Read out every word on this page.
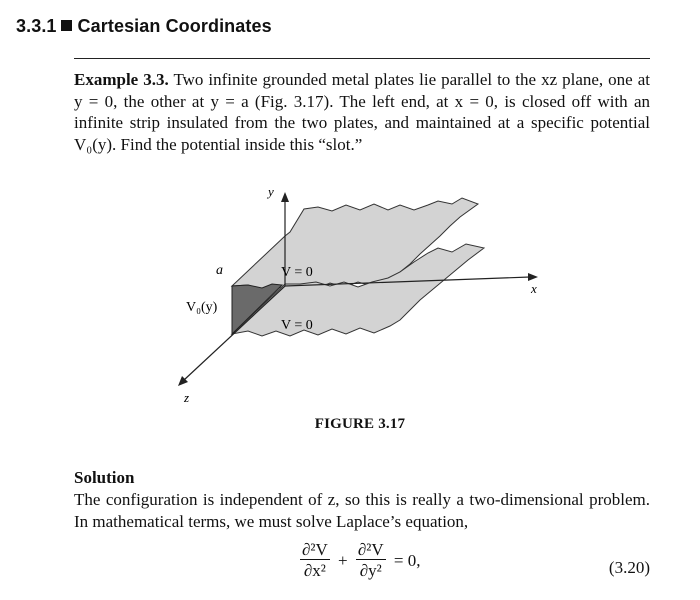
3.3.1 Cartesian Coordinates
Example 3.3. Two infinite grounded metal plates lie parallel to the xz plane, one at y = 0, the other at y = a (Fig. 3.17). The left end, at x = 0, is closed off with an infinite strip insulated from the two plates, and maintained at a specific potential V₀(y). Find the potential inside this “slot.”
y
x
z
a
V₀(y)
V = 0
V = 0
FIGURE 3.17
Solution
The configuration is independent of z, so this is really a two-dimensional problem. In mathematical terms, we must solve Laplace’s equation,
$\frac{\text{∂²V}}{\text{∂x²}} + \frac{\text{∂²V}}{\text{∂y²}} = 0$,	(3.20)
